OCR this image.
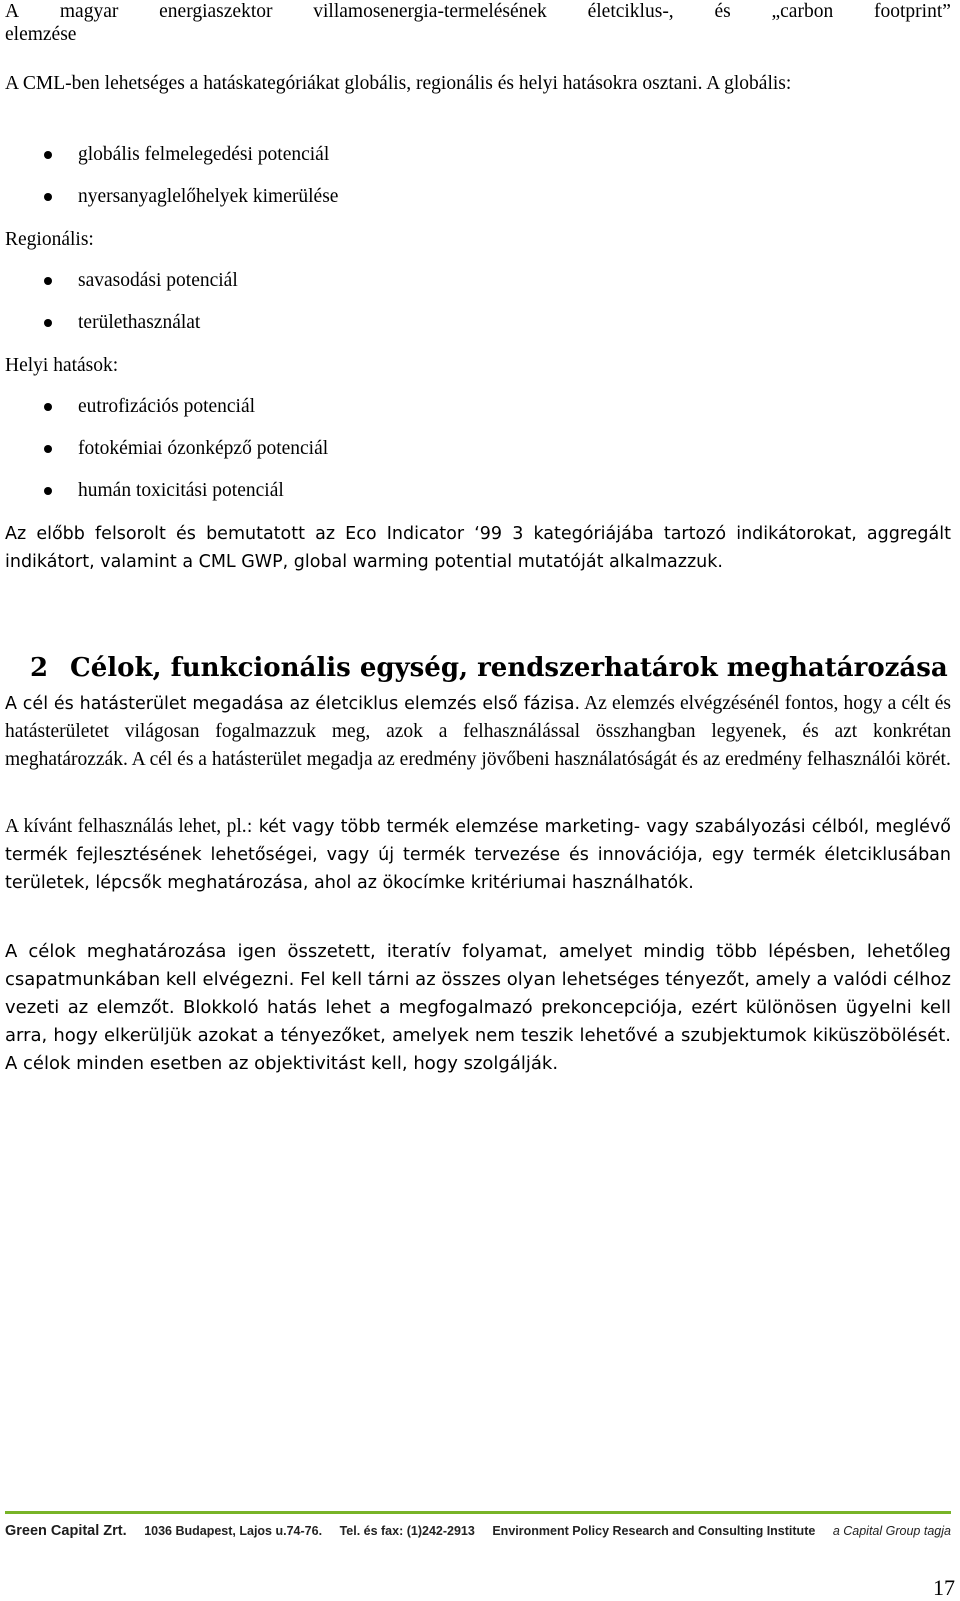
A magyar energiaszektor villamosenergia-termelésének életciklus-, és „carbon footprint”
elemzése
A CML-ben lehetséges a hatáskategóriákat globális, regionális és helyi hatásokra osztani. A globális:
globális felmelegedési potenciál
nyersanyaglelőhelyek kimerülése
Regionális:
savasodási potenciál
területhasználat
Helyi hatások:
eutrofizációs potenciál
fotokémiai ózonképző potenciál
humán toxicitási potenciál
Az előbb felsorolt és bemutatott az Eco Indicator ‘99 3 kategóriájába tartozó indikátorokat, aggregált indikátort, valamint a CML GWP, global warming potential mutatóját alkalmazzuk.
2 Célok, funkcionális egység, rendszerhatárok meghatározása
A cél és hatásterület megadása az életciklus elemzés első fázisa. Az elemzés elvégzésénél fontos, hogy a célt és hatásterületet világosan fogalmazzuk meg, azok a felhasználással összhangban legyenek, és azt konkrétan meghatározzák. A cél és a hatásterület megadja az eredmény jövőbeni használatóságát és az eredmény felhasználói körét.
A kívánt felhasználás lehet, pl.: két vagy több termék elemzése marketing- vagy szabályozási célból, meglévő termék fejlesztésének lehetőségei, vagy új termék tervezése és innovációja, egy termék életciklusában területek, lépcsők meghatározása, ahol az ökocímke kritériumai használhatók.
A célok meghatározása igen összetett, iteratív folyamat, amelyet mindig több lépésben, lehetőleg csapatmunkában kell elvégezni. Fel kell tárni az összes olyan lehetséges tényezőt, amely a valódi célhoz vezeti az elemzőt. Blokkoló hatás lehet a megfogalmazó prekoncepciója, ezért különösen ügyelni kell arra, hogy elkerüljük azokat a tényezőket, amelyek nem teszik lehetővé a szubjektumok kiküszöbölését. A célok minden esetben az objektivitást kell, hogy szolgálják.
Green Capital Zrt. 1036 Budapest, Lajos u.74-76. Tel. és fax: (1)242-2913 Environment Policy Research and Consulting Institute a Capital Group tagja
17
